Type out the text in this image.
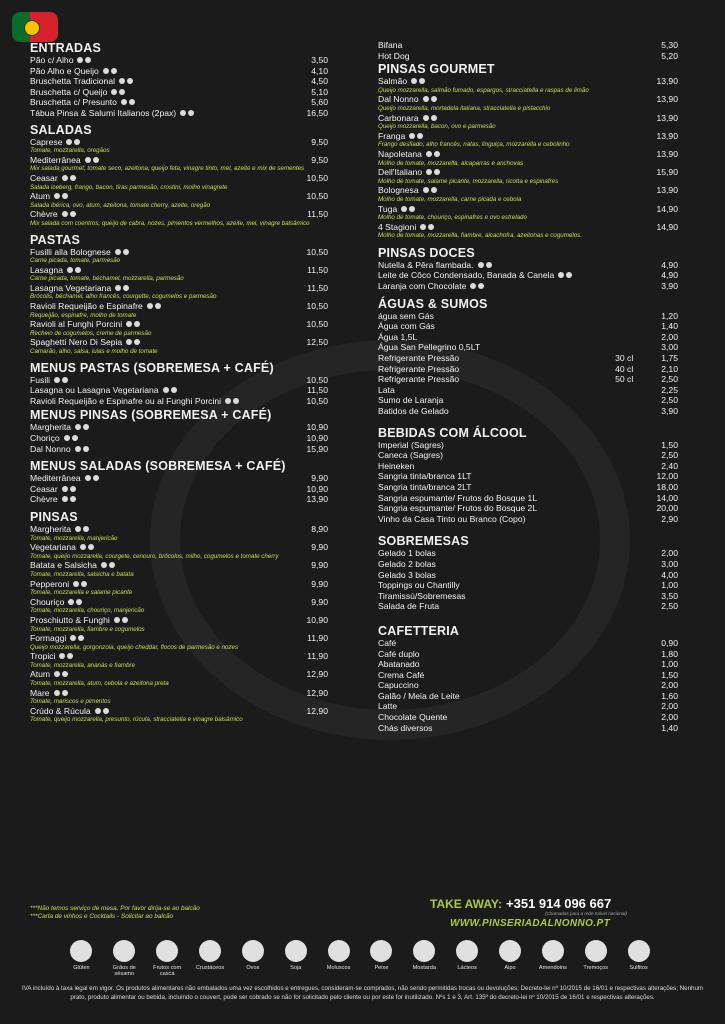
ENTRADAS
Pão c/ Alho	3,50
Pão Alho e Queijo	4,10
Bruschetta Tradicional	4,50
Bruschetta c/ Queijo	5,10
Bruschetta c/ Presunto	5,60
Tábua Pinsa & Salumi Italianos (2pax)	16,50
SALADAS
Caprese	9,50
Tomate, mozzarella, oregãos
Mediterrânea	9,50
Mix salada gourmet, tomate seco, azeitona, queijo feta, vinagre tinto, mel, azeite e mix de sementes
Ceasar	10,50
Salada iceberg, frango, bacon, tiras parmesão, crostini, molho vinagrete
Atum	10,50
Salada ibérica, ovo, atum, azeitona, tomate cherry, azeite, oregão
Chèvre	11,50
Mix salada com coentros, queijo de cabra, nozes, pimentos vermelhos, azeite, mel, vinagre balsâmico
PASTAS
Fusilli alla Bolognese	10,50
Carne picada, tomate, parmesão
Lasagna	11,50
Carne picada, tomate, béchamel, mozzarella, parmesão
Lasagna Vegetariana	11,50
Brócolis, béchamel, alho francês, courgette, cogumelos e parmesão
Ravioli Requeijão e Espinafre	10,50
Requeijão, espinafre, molho de tomate
Ravioli al Funghi Porcini	10,50
Recheio de cogumelos, creme de parmesão
Spaghetti Nero Di Sepia	12,50
Camarão, alho, salsa, lulas e molho de tomate
MENUS PASTAS (SOBREMESA + CAFÉ)
Fusili	10,50
Lasagna ou Lasagna Vegetariana	11,50
Ravioli Requeijão e Espinafre ou al Funghi Porcini	10,50
MENUS PINSAS (SOBREMESA + CAFÉ)
Margherita	10,90
Choriço	10,90
Dal Nonno	15,90
MENUS SALADAS (SOBREMESA + CAFÉ)
Mediterrânea	9,90
Ceasar	10,90
Chèvre	13,90
PINSAS
Margherita	8,90
Tomate, mozzarella, manjericão
Vegetariana	9,90
Tomate, queijo mozzarella, courgete, cenouro, brócolos, milho, cogumelos e tomate cherry
Batata e Salsicha	9,90
Tomate, mozzarella, salsicha e batata
Pepperoni	9,90
Tomate, mozzarella e salame picante
Chouriço	9,90
Tomate, mozzarella, chouriço, manjericão
Proschiutto & Funghi	10,90
Tomate, mozzarella, fiambre e cogumelos
Formaggi	11,90
Queijo mozzarella, gorgonzola, queijo cheddar, flocos de parmesão e nozes
Tropici	11,90
Tomate, mozzarella, ananás e fiambre
Atum	12,90
Tomate, mozzarella, atum, cebola e azeitona preta
Mare	12,90
Tomate, mariscos e pimentos
Crúdo & Rúcula	12,90
Tomate, queijo mozzarella, presunto, rúcula, stracciatella e vinagre balsâmico
Bifana	5,30
Hot Dog	5,20
PINSAS GOURMET
Salmão	13,90
Queijo mozzarella, salmão fumado, espargos, stracciatella e raspas de limão
Dal Nonno	13,90
Queijo mozzarella, mortadela italiana, stracciatella e pistacchio
Carbonara	13,90
Queijo mozzarella, bacon, ovo e parmesão
Franga	13,90
Frango desfiado, alho francês, natas, linguiça, mozzarella e cebolinho
Napoletana	13,90
Molho de tomate, mozzarella, alcaparras e anchovas
Dell'Italiano	15,90
Molho de tomate, salame picante, mozzarella, ricotta e espinafres
Bolognesa	13,90
Molho de tomate, mozzarella, carne picada e cebola
Tuga	14,90
Molho de tomate, chouriço, espinafres e ovo estrelado
4 Stagioni	14,90
Molho de tomate, mozzarella, fiambre, alcachofra, azeitonas e cogumelos.
PINSAS DOCES
Nutella & Pêra flambada.	4,90
Leite de Côco Condensado, Banada & Canela	4,90
Laranja com Chocolate	3,90
ÁGUAS & SUMOS
água sem Gás	1,20
Água com Gás	1,40
Água 1,5L	2,00
Água San Pellegrino 0,5LT	3,00
Refrigerante Pressão	30 cl	1,75
Refrigerante Pressão	40 cl	2,10
Refrigerante Pressão	50 cl	2,50
Lata	2,25
Sumo de Laranja	2,50
Batidos de Gelado	3,90
BEBIDAS COM ÁLCOOL
Imperial (Sagres)	1,50
Caneca (Sagres)	2,50
Heineken	2,40
Sangria tinta/branca 1LT	12,00
Sangria tinta/branca 2LT	18,00
Sangria espumante/ Frutos do Bosque 1L	14,00
Sangria espumante/ Frutos do Bosque 2L	20,00
Vinho da Casa Tinto ou Branco (Copo)	2,90
SOBREMESAS
Gelado 1 bolas	2,00
Gelado 2 bolas	3,00
Gelado 3 bolas	4,00
Toppings ou Chantilly	1,00
Tiramissú/Sobremesas	3,50
Salada de Fruta	2,50
CAFETTERIA
Café	0,90
Café duplo	1,80
Abatanado	1,00
Crema Café	1,50
Capuccino	2,00
Galão / Meia de Leite	1,60
Latte	2,00
Chocolate Quente	2,00
Chás diversos	1,40
***Não temos serviço de mesa. Por favor dirija-se ao balcão
***Carta de vinhos e Cocktails - Solicitar ao balcão
TAKE AWAY: +351 914 096 667
(Chamadas para a rede móvel nacional)
WWW.PINSERIADALNONNO.PT
Glúten	Grãos de sésamo
Frutos com casca
Crustáceos	Ovos	Soja	Moluscos	Peixe	Mostarda	Lácteos	Aipo	Amendoins	Tremoços	Sulfitos
IVA incluído à taxa legal em vigor. Os produtos alimentares não embalados uma vez escolhidos e entregues, consideram-se comprados, não sendo permitidas trocas ou devoluções; Decreto-lei nº 10/2015 de 16/01 e respectivas alterações; Nenhum prato, produto alimentar ou bebida, incluindo o couvert, pode ser cobrado se não for solicitado pelo cliente ou por este for inutilizado. Nºs 1 e 3, Art. 135º do decreto-lei nº 10/2015 de 16/01 e respectivas alterações.
